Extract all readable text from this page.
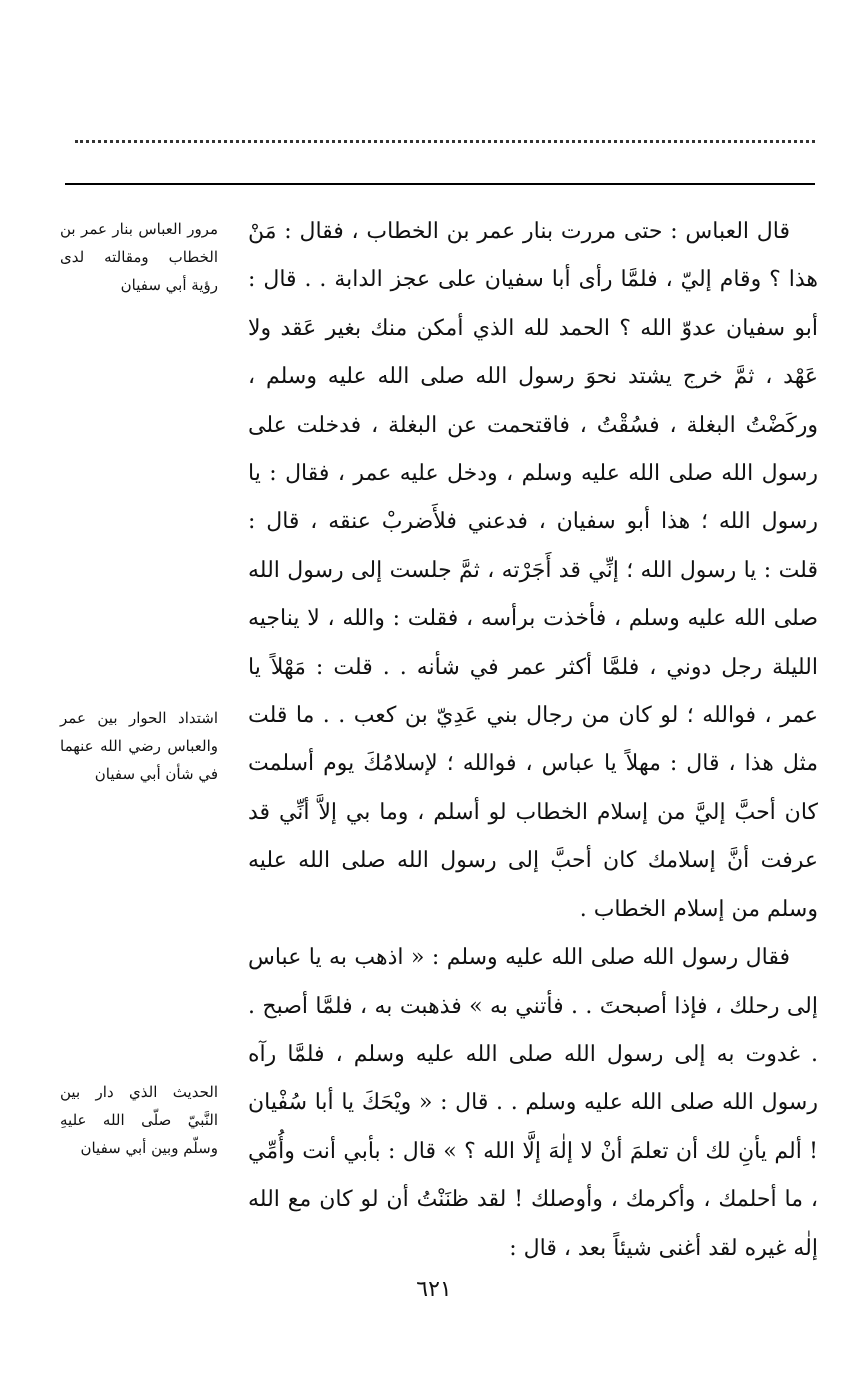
قال العباس : حتى مررت بنار عمر بن الخطاب ، فقال : مَنْ هذا ؟ وقام إليّ ، فلمَّا رأى أبا سفيان على عجز الدابة . . قال : أبو سفيان عدوّ الله ؟ الحمد لله الذي أمكن منك بغير عَقد ولا عَهْد ، ثمَّ خرج يشتد نحوَ رسول الله صلى الله عليه وسلم ، وركَضْتُ البغلة ، فسُقْتُ ، فاقتحمت عن البغلة ، فدخلت على رسول الله صلى الله عليه وسلم ، ودخل عليه عمر ، فقال : يا رسول الله ؛ هذا أبو سفيان ، فدعني فلأَضربْ عنقه ، قال : قلت : يا رسول الله ؛ إنِّي قد أَجَرْته ، ثمَّ جلست إلى رسول الله صلى الله عليه وسلم ، فأخذت برأسه ، فقلت : والله ، لا يناجيه الليلة رجل دوني ، فلمَّا أكثر عمر في شأنه . . قلت : مَهْلاً يا عمر ، فوالله ؛ لو كان من رجال بني عَدِيّ بن كعب . . ما قلت مثل هذا ، قال : مهلاً يا عباس ، فوالله ؛ لإسلامُكَ يوم أسلمت كان أحبَّ إليَّ من إسلام الخطاب لو أسلم ، وما بي إلاَّ أنِّي قد عرفت أنَّ إسلامك كان أحبَّ إلى رسول الله صلى الله عليه وسلم من إسلام الخطاب .

فقال رسول الله صلى الله عليه وسلم : « اذهب به يا عباس إلى رحلك ، فإذا أصبحتَ . . فأتني به » فذهبت به ، فلمَّا أصبح . . غدوت به إلى رسول الله صلى الله عليه وسلم ، فلمَّا رآه رسول الله صلى الله عليه وسلم . . قال : « ويْحَكَ يا أبا سُفْيان ! ألم يأنِ لك أن تعلمَ أنْ لا إلٰهَ إلَّا الله ؟ » قال : بأبي أنت وأُمِّي ، ما أحلمك ، وأكرمك ، وأوصلك ! لقد ظنَنْتُ أن لو كان مع الله إلٰه غيره لقد أغنى شيئاً بعد ، قال :

مرور العباس بنار عمر بن الخطاب ومقالته لدى رؤية أبي سفيان
اشتداد الحوار بين عمر والعباس رضي الله عنهما في شأن أبي سفيان
الحديث الذي دار بين النَّبيّ صلّى الله عليهِ وسلّم وبين أبي سفيان
٦٢١
